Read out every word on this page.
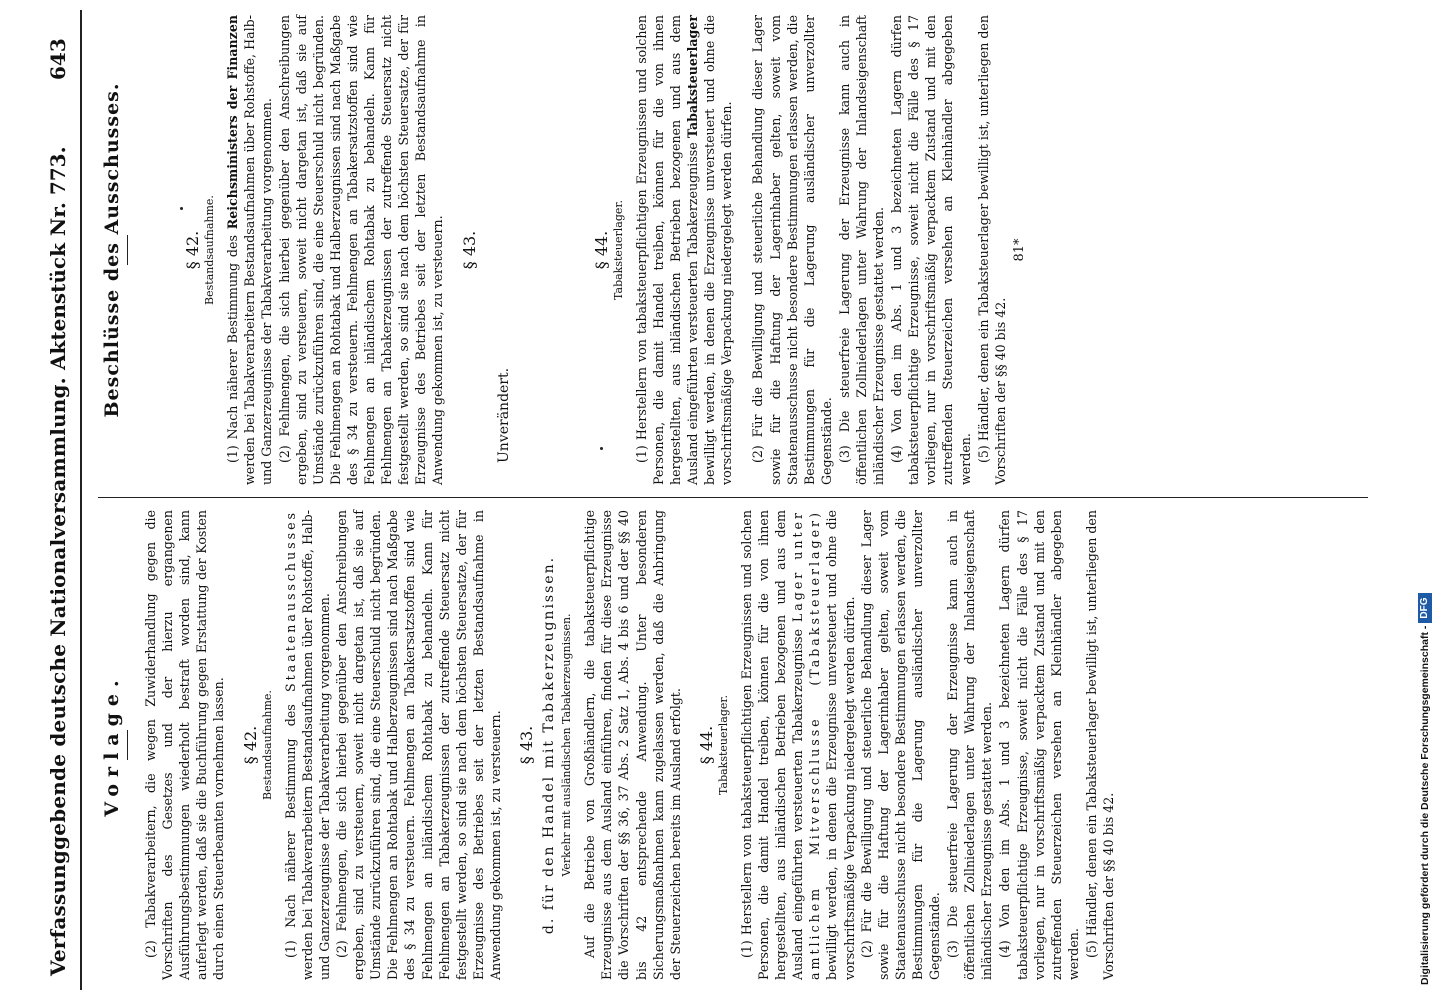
Verfassunggebende deutsche Nationalversammlung.
Aktenstück Nr. 773.
643
Vorlage. (2) Tabakverarbeitern, die wegen Zuwiderhandlung gegen die Vorschriften des Gesetzes und der hierzu ergangenen Ausführungsbestimmungen wiederholt bestraft worden sind, kann auferlegt werden, daß sie die Buchführung gegen Erstattung der Kosten durch einen Steuerbeamten vornehmen lassen. § 42. Bestandsaufnahme. (1) Nach näherer Bestimmung des Staatenausschusses werden bei Tabakverarbeitern Bestandsaufnahmen über Rohstoffe, Halb- und Ganzerzeugnisse der Tabakverarbeitung vorgenommen. (2) Fehlmengen, die sich hierbei gegenüber den Anschreibungen ergeben, sind zu versteuern, soweit nicht dargetan ist, daß sie auf Umstände zurückzuführen sind, die eine Steuerschuld nicht begründen. Die Fehlmengen an Rohtabak und Halberzeugnissen sind nach Maßgabe des § 34 zu versteuern. Fehlmengen an Tabakersatzstoffen sind wie Fehlmengen an inländischem Rohtabak zu behandeln. Kann für Fehlmengen an Tabakerzeugnissen der zutreffende Steuersatz nicht festgestellt werden, so sind sie nach dem höchsten Steuersatze, der für Erzeugnisse des Betriebes seit der letzten Bestandsaufnahme in Anwendung gekommen ist, zu versteuern. § 43. d. für den Handel mit Tabakerzeugnissen. Verkehr mit ausländischen Tabakerzeugnissen. Auf die Betriebe von Großhändlern, die tabaksteuerpflichtige Erzeugnisse aus dem Ausland einführen, finden für diese Erzeugnisse die Vorschriften der §§ 36, 37 Abs. 2 Satz 1, Abs. 4 bis 6 und der §§ 40 bis 42 entsprechende Anwendung. Unter besonderen Sicherungsmaßnahmen kann zugelassen werden, daß die Anbringung der Steuerzeichen bereits im Ausland erfolgt. § 44. Tabaksteuerlager. (1) Herstellern von tabaksteuerpflichtigen Erzeugnissen und solchen Personen, die damit Handel treiben, können für die von ihnen hergestellten, aus inländischen Betrieben bezogenen und aus dem Ausland eingeführten versteuerten Tabakerzeugnisse Lager unter amtlichem Mitverschlusse (Tabaksteuerlager) bewilligt werden, in denen die Erzeugnisse unversteuert und ohne die vorschriftsmäßige Verpackung niedergelegt werden dürfen. (2) Für die Bewilligung und steuerliche Behandlung dieser Lager sowie für die Haftung der Lagerinhaber gelten, soweit vom Staatenausschusse nicht besondere Bestimmungen erlassen werden, die Bestimmungen für die Lagerung ausländischer unverzollter Gegenstände. (3) Die steuerfreie Lagerung der Erzeugnisse kann auch in öffentlichen Zollniederlagen unter Wahrung der Inlandseigenschaft inländischer Erzeugnisse gestattet werden. (4) Von den im Abs. 1 und 3 bezeichneten Lagern dürfen tabaksteuerpflichtige Erzeugnisse, soweit nicht die Fälle des § 17 vorliegen, nur in vorschriftsmäßig verpacktem Zustand und mit den zutreffenden Steuerzeichen versehen an Kleinhändler abgegeben werden. (5) Händler, denen ein Tabaksteuerlager bewilligt ist, unterliegen den Vorschriften der §§ 40 bis 42.

Beschlüsse des Ausschusses.	§ 42. Bestandsaufnahme. (1) Nach näherer Bestimmung des Reichsministers der Finanzen werden bei Tabakverarbeitern Bestandsaufnahmen über Rohstoffe, Halb- und Ganzerzeugnisse der Tabakverarbeitung vorgenommen. (2) Fehlmengen, die sich hierbei gegenüber den Anschreibungen ergeben, sind zu versteuern, soweit nicht dargetan ist, daß sie auf Umstände zurückzuführen sind, die eine Steuerschuld nicht begründen. Die Fehlmengen an Rohtabak und Halberzeugnissen sind nach Maßgabe des § 34 zu versteuern. Fehlmengen an Tabakersatzstoffen sind wie Fehlmengen an inländischem Rohtabak zu behandeln. Kann für Fehlmengen an Tabakerzeugnissen der zutreffende Steuersatz nicht festgestellt werden, so sind sie nach dem höchsten Steuersatze, der für Erzeugnisse des Betriebes seit der letzten Bestandsaufnahme in Anwendung gekommen ist, zu versteuern. § 43.

Unverändert.

§ 44. Tabaksteuerlager. (1) Herstellern von tabaksteuerpflichtigen Erzeugnissen und solchen Personen, die damit Handel treiben, können für die von ihnen hergestellten, aus inländischen Betrieben bezogenen und aus dem Ausland eingeführten versteuerten Tabakerzeugnisse Tabaksteuerlager bewilligt werden, in denen die Erzeugnisse unversteuert und ohne die vorschriftsmäßige Verpackung niedergelegt werden dürfen. (2) Für die Bewilligung und steuerliche Behandlung dieser Lager sowie für die Haftung der Lagerinhaber gelten, soweit vom Staatenausschusse nicht besondere Bestimmungen erlassen werden, die Bestimmungen für die Lagerung ausländischer unverzollter Gegenstände. (3) Die steuerfreie Lagerung der Erzeugnisse kann auch in öffentlichen Zollniederlagen unter Wahrung der Inlandseigenschaft inländischer Erzeugnisse gestattet werden. (4) Von den im Abs. 1 und 3 bezeichneten Lagern dürfen tabaksteuerpflichtige Erzeugnisse, soweit nicht die Fälle des § 17 vorliegen, nur in vorschriftsmäßig verpacktem Zustand und mit den zutreffenden Steuerzeichen versehen an Kleinhändler abgegeben werden. (5) Händler, denen ein Tabaksteuerlager bewilligt ist, unterliegen den Vorschriften der §§ 40 bis 42.

81*
Digitalisierung gefördert durch die Deutsche Forschungsgemeinschaft -
DFG
